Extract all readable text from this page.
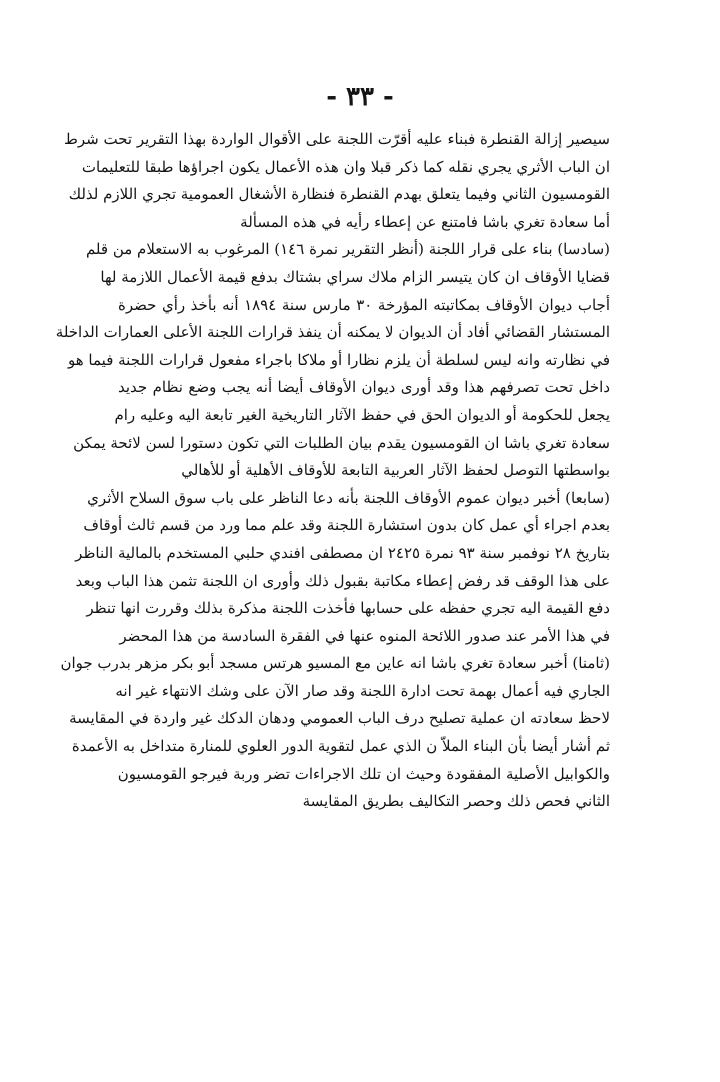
- ٣٣ -
سيصير إزالة القنطرة فبناء عليه أقرّت اللجنة على الأقوال الواردة بهذا التقرير تحت شرط
ان الباب الأثري يجري نقله كما ذكر قبلا وان هذه الأعمال يكون اجراؤها طبقا للتعليمات
القومسيون الثاني وفيما يتعلق بهدم القنطرة فنظارة الأشغال العمومية تجري اللازم لذلك
أما سعادة تغري باشا فامتنع عن إعطاء رأيه في هذه المسألة
(سادسا) بناء على قرار اللجنة (أنظر التقرير نمرة ١٤٦) المرغوب به الاستعلام من قلم
قضايا الأوقاف ان كان يتيسر الزام ملاك سراي بشتاك بدفع قيمة الأعمال اللازمة لها
أجاب ديوان الأوقاف بمكاتبته المؤرخة ٣٠ مارس سنة ١٨٩٤ أنه بأخذ رأي حضرة
المستشار القضائي أفاد أن الديوان لا يمكنه أن ينفذ قرارات اللجنة الأعلى العمارات الداخلة
في نظارته وانه ليس لسلطة أن يلزم نظارا أو ملاكا باجراء مفعول قرارات اللجنة فيما هو
داخل تحت تصرفهم هذا وقد أورى ديوان الأوقاف أيضا أنه يجب وضع نظام جديد
يجعل للحكومة أو الديوان الحق في حفظ الآثار التاريخية الغير تابعة اليه وعليه رام
سعادة تغري باشا ان القومسيون يقدم بيان الطلبات التي تكون دستورا لسن لائحة يمكن
بواسطتها التوصل لحفظ الآثار العربية التابعة للأوقاف الأهلية أو للأهالي
(سابعا) أخبر ديوان عموم الأوقاف اللجنة بأنه دعا الناظر على باب سوق السلاح الأثري
بعدم اجراء أي عمل كان بدون استشارة اللجنة وقد علم مما ورد من قسم ثالث أوقاف
بتاريخ ٢٨ نوفمبر سنة ٩٣ نمرة ٢٤٢٥ ان مصطفى افندي حلبي المستخدم بالمالية الناظر
على هذا الوقف قد رفض إعطاء مكاتبة بقبول ذلك وأورى ان اللجنة تثمن هذا الباب وبعد
دفع القيمة اليه تجري حفظه على حسابها فأخذت اللجنة مذكرة بذلك وقررت انها تنظر
في هذا الأمر عند صدور اللائحة المنوه عنها في الفقرة السادسة من هذا المحضر
(ثامنا) أخبر سعادة تغري باشا انه عاين مع المسيو هرتس مسجد أبو بكر مزهر بدرب جوان
الجاري فيه أعمال بهمة تحت ادارة اللجنة وقد صار الآن على وشك الانتهاء غير انه
لاحظ سعادته ان عملية تصليح درف الباب العمومي ودهان الدكك غير واردة في المقايسة
ثم أشار أيضا بأن البناء الملاّ ن الذي عمل لتقوية الدور العلوي للمنارة متداخل به الأعمدة
والكوابيل الأصلية المفقودة وحيث ان تلك الاجراءات تضر وربة فيرجو القومسيون
الثاني فحص ذلك وحصر التكاليف بطريق المقايسة
